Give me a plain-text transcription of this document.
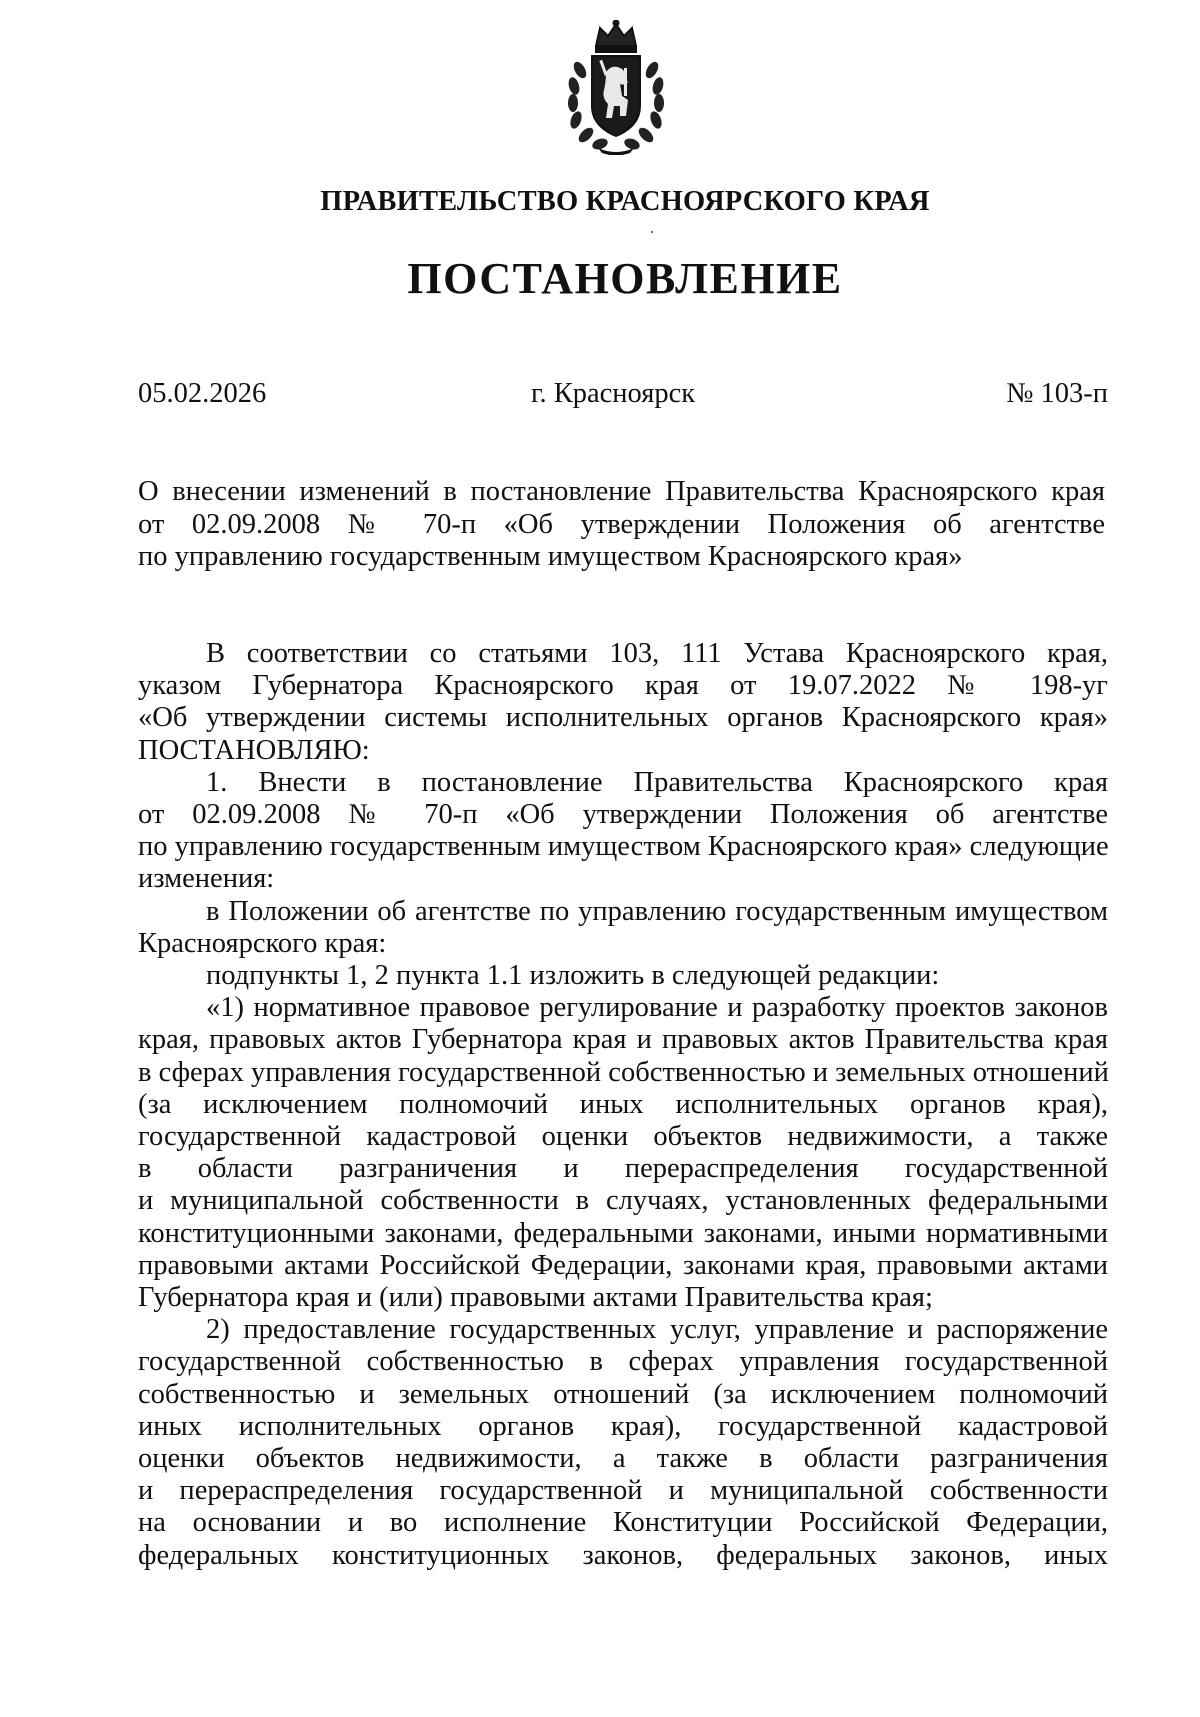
ПРАВИТЕЛЬСТВО КРАСНОЯРСКОГО КРАЯ
ПОСТАНОВЛЕНИЕ
05.02.2026	г. Красноярск	№ 103-п
О внесении изменений в постановление Правительства Красноярского края
от 02.09.2008 № 70-п «Об утверждении Положения об агентстве
по управлению государственным имуществом Красноярского края»
В соответствии со статьями 103, 111 Устава Красноярского края,
указом Губернатора Красноярского края от 19.07.2022 № 198-уг
«Об утверждении системы исполнительных органов Красноярского края»
ПОСТАНОВЛЯЮ:
1. Внести в постановление Правительства Красноярского края
от 02.09.2008 № 70-п «Об утверждении Положения об агентстве
по управлению государственным имуществом Красноярского края» следующие
изменения:
в Положении об агентстве по управлению государственным имуществом
Красноярского края:
подпункты 1, 2 пункта 1.1 изложить в следующей редакции:
«1) нормативное правовое регулирование и разработку проектов законов
края, правовых актов Губернатора края и правовых актов Правительства края
в сферах управления государственной собственностью и земельных отношений
(за исключением полномочий иных исполнительных органов края),
государственной кадастровой оценки объектов недвижимости, а также
в области разграничения и перераспределения государственной
и муниципальной собственности в случаях, установленных федеральными
конституционными законами, федеральными законами, иными нормативными
правовыми актами Российской Федерации, законами края, правовыми актами
Губернатора края и (или) правовыми актами Правительства края;
2) предоставление государственных услуг, управление и распоряжение
государственной собственностью в сферах управления государственной
собственностью и земельных отношений (за исключением полномочий
иных исполнительных органов края), государственной кадастровой
оценки объектов недвижимости, а также в области разграничения
и перераспределения государственной и муниципальной собственности
на основании и во исполнение Конституции Российской Федерации,
федеральных конституционных законов, федеральных законов, иных
